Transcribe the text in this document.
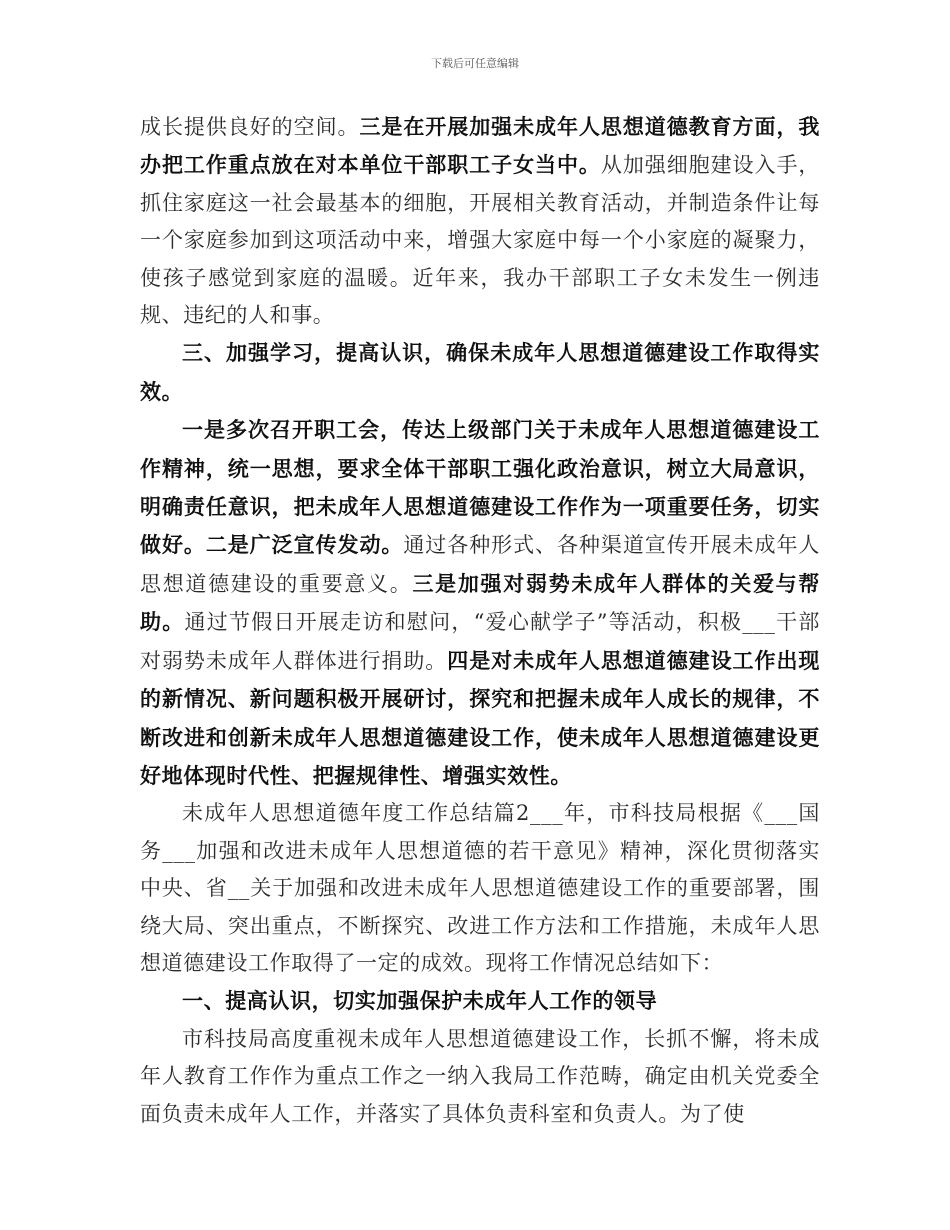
下载后可任意编辑

成长提供良好的空间。三是在开展加强未成年人思想道德教育方面，我办把工作重点放在对本单位干部职工子女当中。从加强细胞建设入手，抓住家庭这一社会最基本的细胞，开展相关教育活动，并制造条件让每一个家庭参加到这项活动中来，增强大家庭中每一个小家庭的凝聚力，使孩子感觉到家庭的温暖。近年来，我办干部职工子女未发生一例违规、违纪的人和事。

三、加强学习，提高认识，确保未成年人思想道德建设工作取得实效。

一是多次召开职工会，传达上级部门关于未成年人思想道德建设工作精神，统一思想，要求全体干部职工强化政治意识，树立大局意识，明确责任意识，把未成年人思想道德建设工作作为一项重要任务，切实做好。二是广泛宣传发动。通过各种形式、各种渠道宣传开展未成年人思想道德建设的重要意义。三是加强对弱势未成年人群体的关爱与帮助。通过节假日开展走访和慰问，“爱心献学子”等活动，积极___干部对弱势未成年人群体进行捐助。四是对未成年人思想道德建设工作出现的新情况、新问题积极开展研讨，探究和把握未成年人成长的规律，不断改进和创新未成年人思想道德建设工作，使未成年人思想道德建设更好地体现时代性、把握规律性、增强实效性。

未成年人思想道德年度工作总结篇2___年，市科技局根据《___国务___加强和改进未成年人思想道德的若干意见》精神，深化贯彻落实中央、省__关于加强和改进未成年人思想道德建设工作的重要部署，围绕大局、突出重点，不断探究、改进工作方法和工作措施，未成年人思想道德建设工作取得了一定的成效。现将工作情况总结如下：

一、提高认识，切实加强保护未成年人工作的领导

市科技局高度重视未成年人思想道德建设工作，长抓不懈，将未成年人教育工作作为重点工作之一纳入我局工作范畴，确定由机关党委全面负责未成年人工作，并落实了具体负责科室和负责人。为了使
